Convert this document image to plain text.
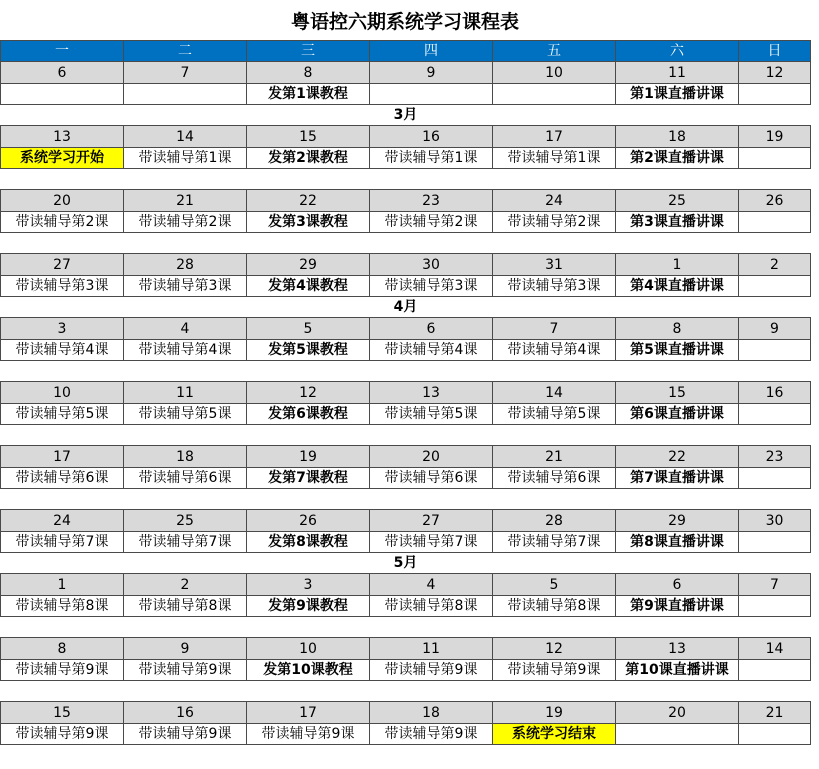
粤语控六期系统学习课程表
一	二	三	四	五	六	日
6	7	8	9	10	11	12
		发第1课教程			第1课直播讲课	
3月						
13	14	15	16	17	18	19
系统学习开始	带读辅导第1课	发第2课教程	带读辅导第1课	带读辅导第1课	第2课直播讲课	

20	21	22	23	24	25	26
带读辅导第2课	带读辅导第2课	发第3课教程	带读辅导第2课	带读辅导第2课	第3课直播讲课	

27	28	29	30	31	1	2
带读辅导第3课	带读辅导第3课	发第4课教程	带读辅导第3课	带读辅导第3课	第4课直播讲课	
4月						
3	4	5	6	7	8	9
带读辅导第4课	带读辅导第4课	发第5课教程	带读辅导第4课	带读辅导第4课	第5课直播讲课	

10	11	12	13	14	15	16
带读辅导第5课	带读辅导第5课	发第6课教程	带读辅导第5课	带读辅导第5课	第6课直播讲课	

17	18	19	20	21	22	23
带读辅导第6课	带读辅导第6课	发第7课教程	带读辅导第6课	带读辅导第6课	第7课直播讲课	

24	25	26	27	28	29	30
带读辅导第7课	带读辅导第7课	发第8课教程	带读辅导第7课	带读辅导第7课	第8课直播讲课	
5月						
1	2	3	4	5	6	7
带读辅导第8课	带读辅导第8课	发第9课教程	带读辅导第8课	带读辅导第8课	第9课直播讲课	

8	9	10	11	12	13	14
带读辅导第9课	带读辅导第9课	发第10课教程	带读辅导第9课	带读辅导第9课	第10课直播讲课	

15	16	17	18	19	20	21
带读辅导第9课	带读辅导第9课	带读辅导第9课	带读辅导第9课	系统学习结束		
